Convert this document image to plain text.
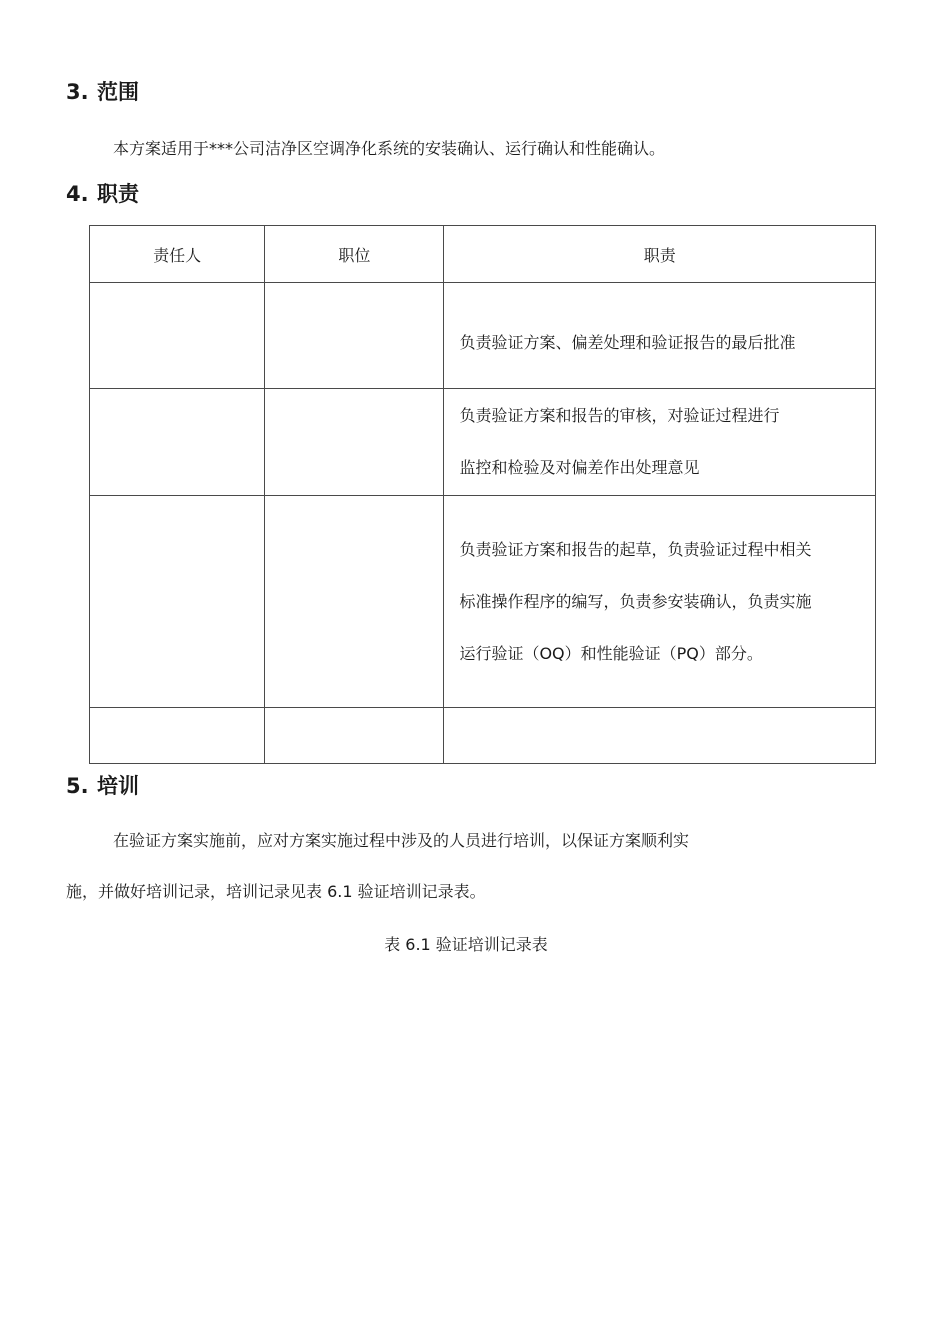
3. 范围
本方案适用于***公司洁净区空调净化系统的安装确认、运行确认和性能确认。
4. 职责
责任人	职位	职责

		负责验证方案、偏差处理和验证报告的最后批准

		负责验证方案和报告的审核，对验证过程进行
监控和检验及对偏差作出处理意见

		负责验证方案和报告的起草，负责验证过程中相关
标准操作程序的编写，负责参安装确认，负责实施
运行验证（OQ）和性能验证（PQ）部分。

5. 培训
在验证方案实施前，应对方案实施过程中涉及的人员进行培训，以保证方案顺利实
施，并做好培训记录，培训记录见表 6.1 验证培训记录表。
表 6.1 验证培训记录表
